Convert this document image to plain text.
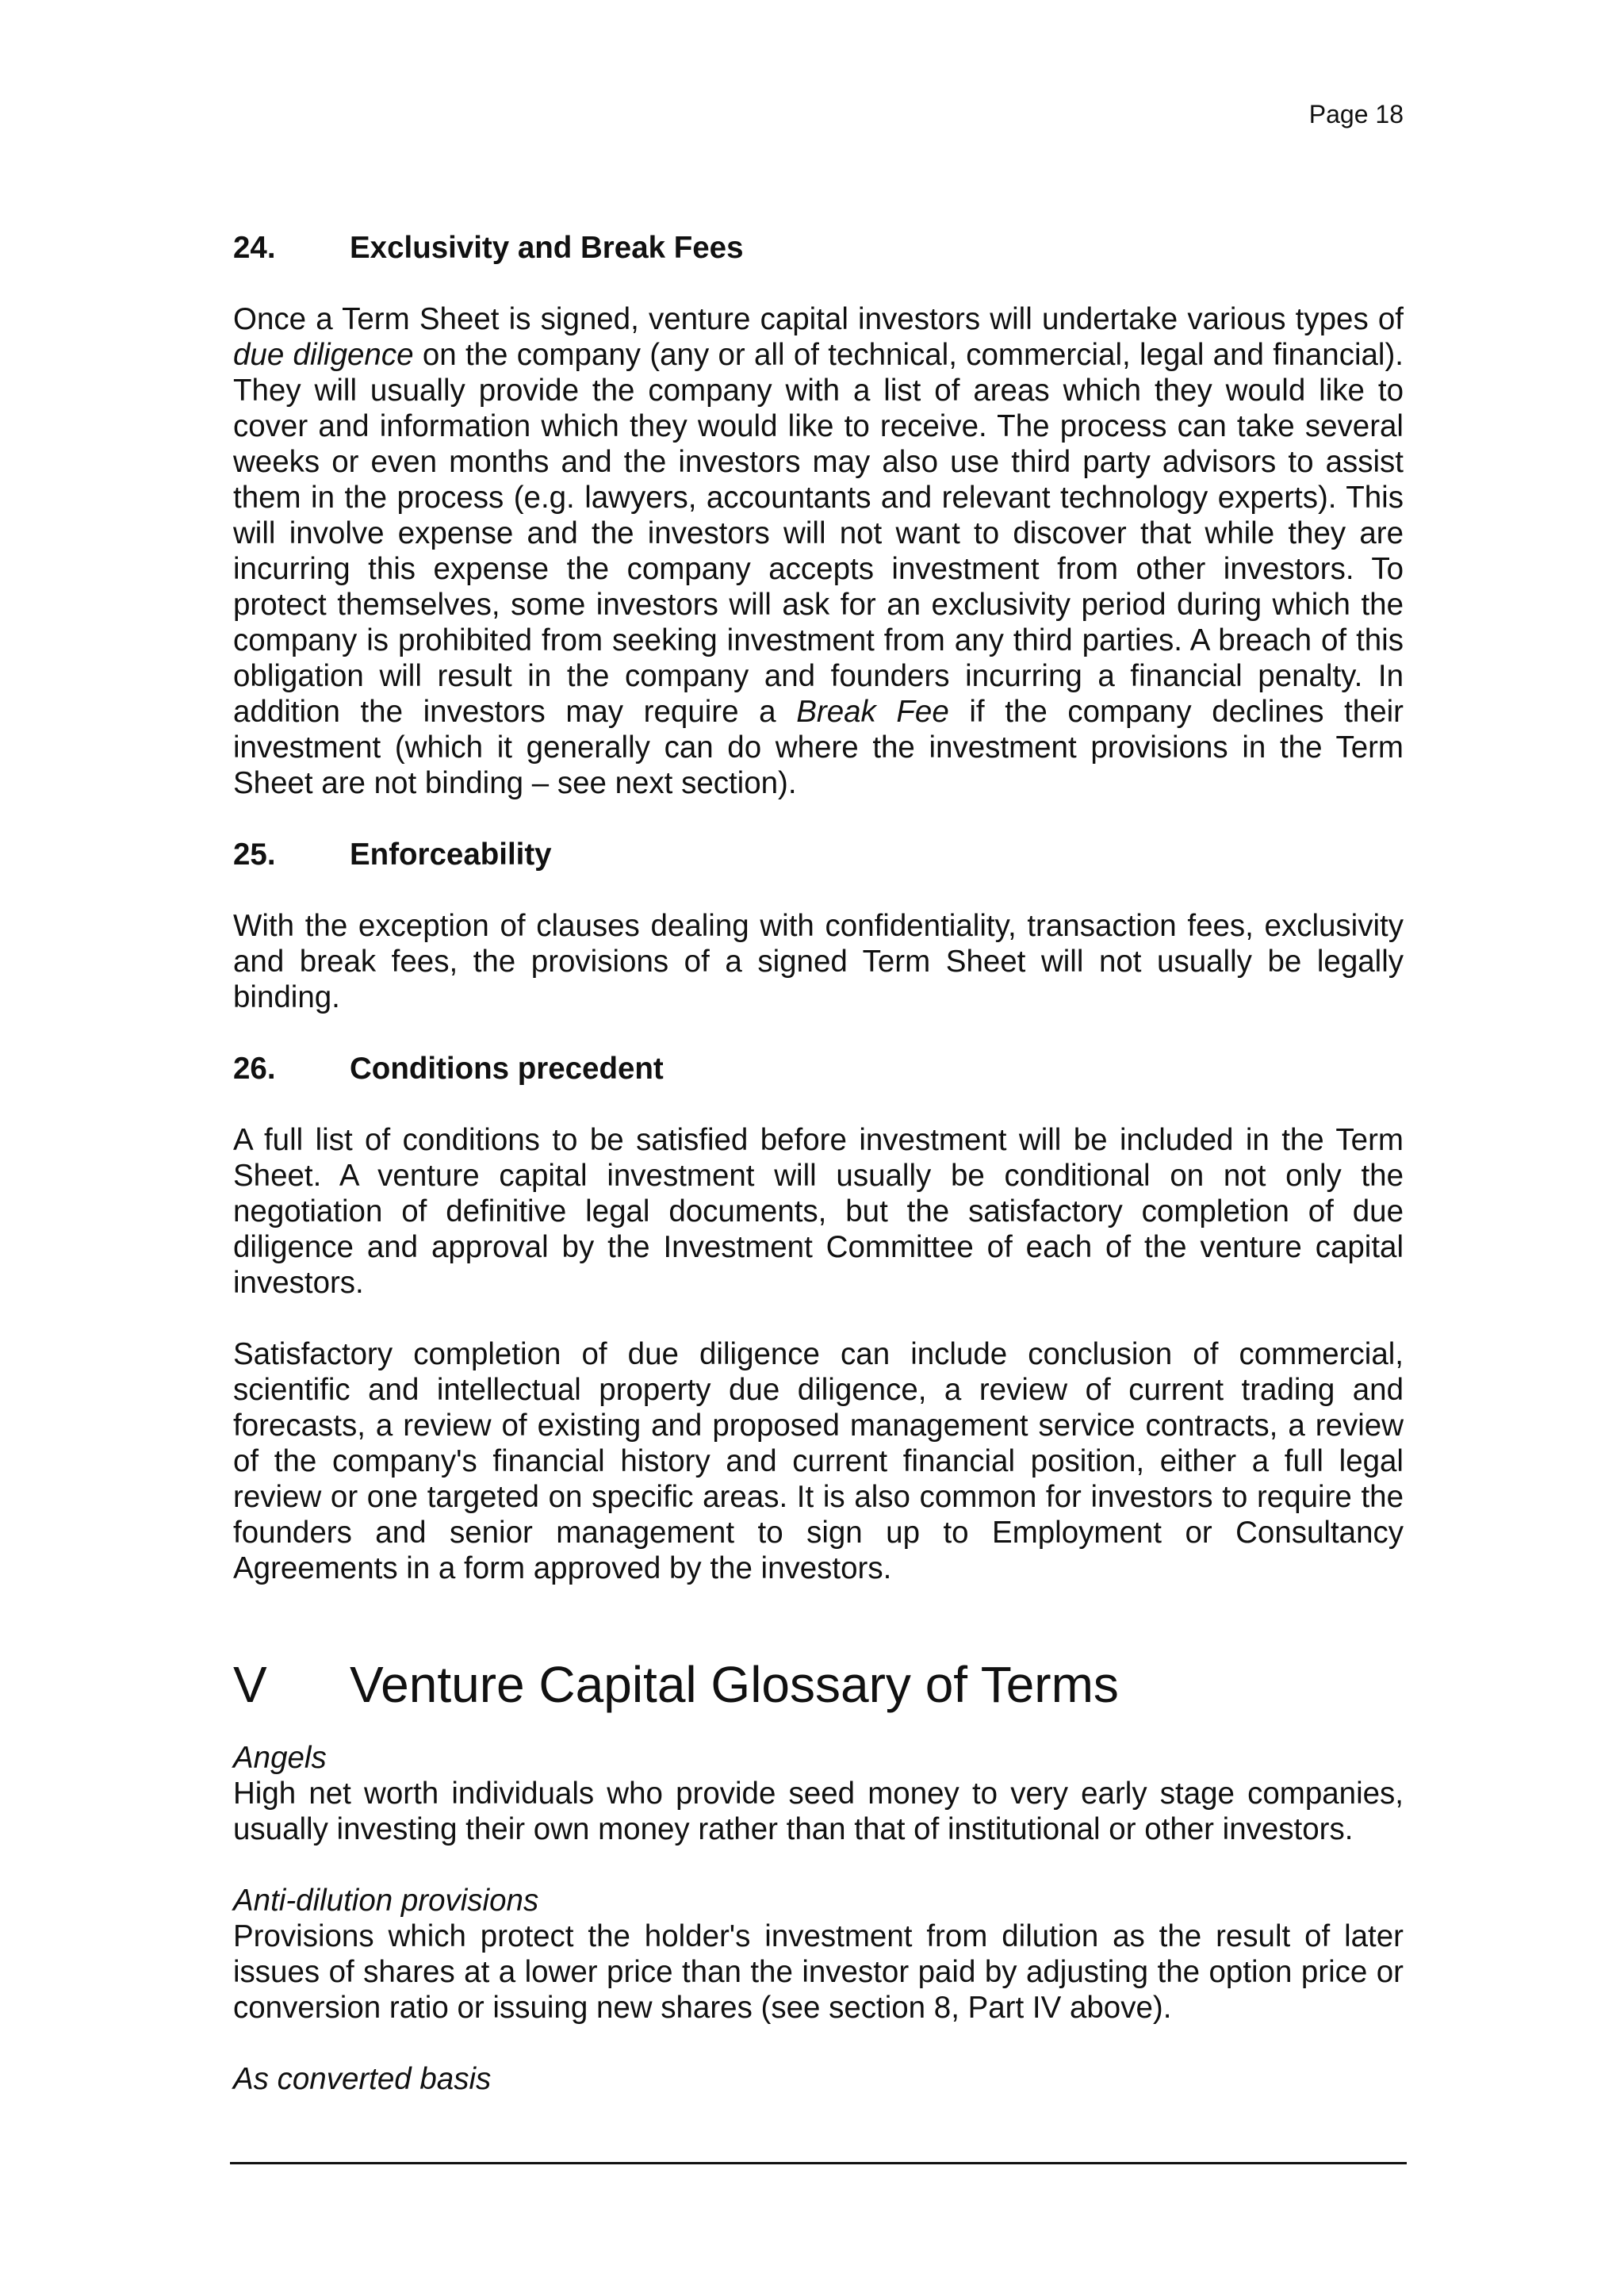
Page 18
24.	Exclusivity and Break Fees

Once a Term Sheet is signed, venture capital investors will undertake various types of due diligence on the company (any or all of technical, commercial, legal and financial). They will usually provide the company with a list of areas which they would like to cover and information which they would like to receive. The process can take several weeks or even months and the investors may also use third party advisors to assist them in the process (e.g. lawyers, accountants and relevant technology experts). This will involve expense and the investors will not want to discover that while they are incurring this expense the company accepts investment from other investors. To protect themselves, some investors will ask for an exclusivity period during which the company is prohibited from seeking investment from any third parties. A breach of this obligation will result in the company and founders incurring a financial penalty. In addition the investors may require a Break Fee if the company declines their investment (which it generally can do where the investment provisions in the Term Sheet are not binding – see next section).

25.	Enforceability

With the exception of clauses dealing with confidentiality, transaction fees, exclusivity and break fees, the provisions of a signed Term Sheet will not usually be legally binding.

26.	Conditions precedent

A full list of conditions to be satisfied before investment will be included in the Term Sheet. A venture capital investment will usually be conditional on not only the negotiation of definitive legal documents, but the satisfactory completion of due diligence and approval by the Investment Committee of each of the venture capital investors.

Satisfactory completion of due diligence can include conclusion of commercial, scientific and intellectual property due diligence, a review of current trading and forecasts, a review of existing and proposed management service contracts, a review of the company's financial history and current financial position, either a full legal review or one targeted on specific areas. It is also common for investors to require the founders and senior management to sign up to Employment or Consultancy Agreements in a form approved by the investors.

V	Venture Capital Glossary of Terms

Angels

High net worth individuals who provide seed money to very early stage companies, usually investing their own money rather than that of institutional or other investors.

Anti-dilution provisions

Provisions which protect the holder's investment from dilution as the result of later issues of shares at a lower price than the investor paid by adjusting the option price or conversion ratio or issuing new shares (see section 8, Part IV above).

As converted basis
